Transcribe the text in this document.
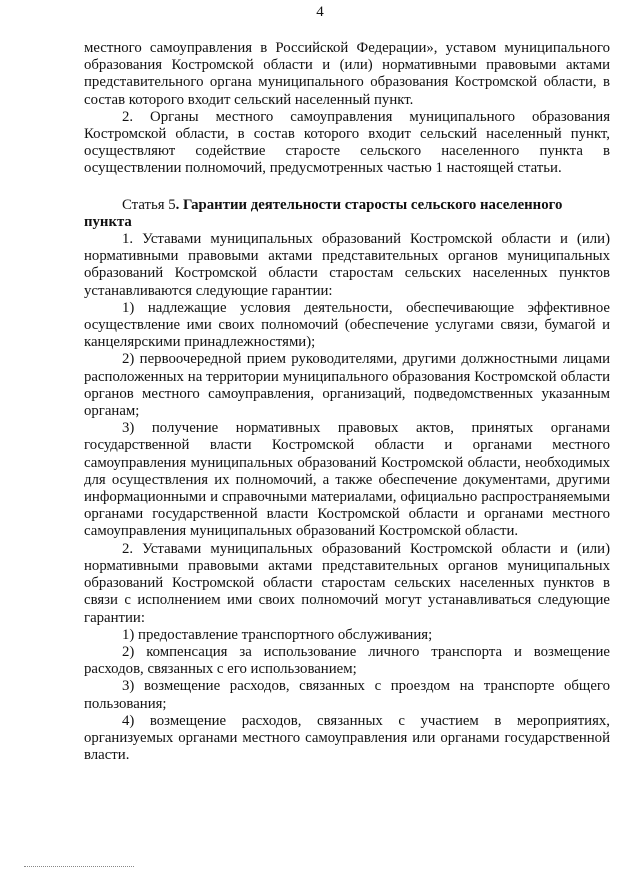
4

местного самоуправления в Российской Федерации», уставом муниципального образования Костромской области и (или) нормативными правовыми актами представительного органа муниципального образования Костромской области, в состав которого входит сельский населенный пункт.

2. Органы местного самоуправления муниципального образования Костромской области, в состав которого входит сельский населенный пункт, осуществляют содействие старосте сельского населенного пункта в осуществлении полномочий, предусмотренных частью 1 настоящей статьи.

Статья 5. Гарантии деятельности старосты сельского населенного пункта

1. Уставами муниципальных образований Костромской области и (или) нормативными правовыми актами представительных органов муниципальных образований Костромской области старостам сельских населенных пунктов устанавливаются следующие гарантии:

1) надлежащие условия деятельности, обеспечивающие эффективное осуществление ими своих полномочий (обеспечение услугами связи, бумагой и канцелярскими принадлежностями);

2) первоочередной прием руководителями, другими должностными лицами расположенных на территории муниципального образования Костромской области органов местного самоуправления, организаций, подведомственных указанным органам;

3) получение нормативных правовых актов, принятых органами государственной власти Костромской области и органами местного самоуправления муниципальных образований Костромской области, необходимых для осуществления их полномочий, а также обеспечение документами, другими информационными и справочными материалами, официально распространяемыми органами государственной власти Костромской области и органами местного самоуправления муниципальных образований Костромской области.

2. Уставами муниципальных образований Костромской области и (или) нормативными правовыми актами представительных органов муниципальных образований Костромской области старостам сельских населенных пунктов в связи с исполнением ими своих полномочий могут устанавливаться следующие гарантии:

1) предоставление транспортного обслуживания;

2) компенсация за использование личного транспорта и возмещение расходов, связанных с его использованием;

3) возмещение расходов, связанных с проездом на транспорте общего пользования;

4) возмещение расходов, связанных с участием в мероприятиях, организуемых органами местного самоуправления или органами государственной власти.
